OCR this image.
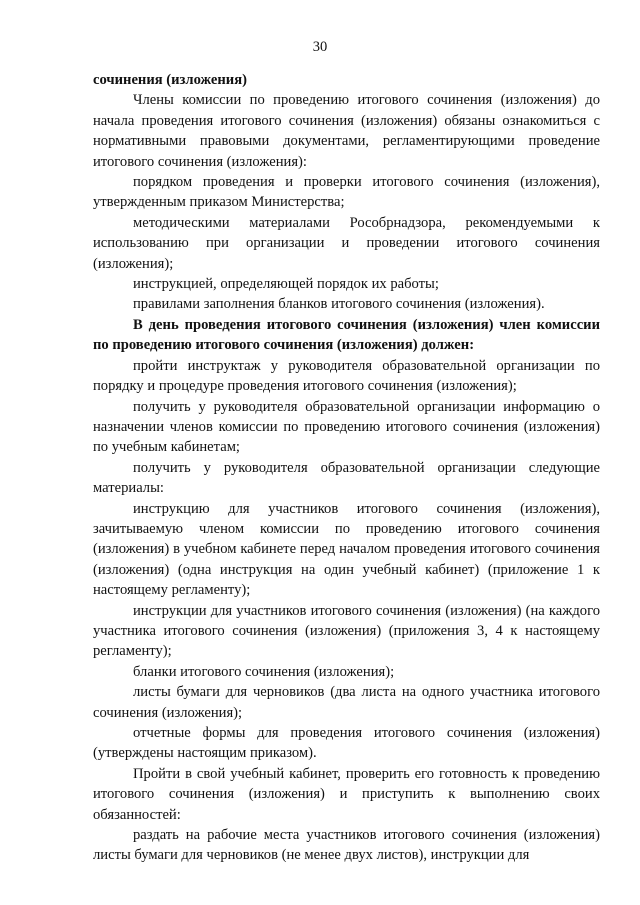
30

сочинения (изложения)

Члены комиссии по проведению итогового сочинения (изложения) до начала проведения итогового сочинения (изложения) обязаны ознакомиться с нормативными правовыми документами, регламентирующими проведение итогового сочинения (изложения):

порядком проведения и проверки итогового сочинения (изложения), утвержденным приказом Министерства;

методическими материалами Рособрнадзора, рекомендуемыми к использованию при организации и проведении итогового сочинения (изложения);

инструкцией, определяющей порядок их работы;

правилами заполнения бланков итогового сочинения (изложения).

В день проведения итогового сочинения (изложения) член комиссии по проведению итогового сочинения (изложения) должен:

пройти инструктаж у руководителя образовательной организации по порядку и процедуре проведения итогового сочинения (изложения);

получить у руководителя образовательной организации информацию о назначении членов комиссии по проведению итогового сочинения (изложения) по учебным кабинетам;

получить у руководителя образовательной организации следующие материалы:

инструкцию для участников итогового сочинения (изложения), зачитываемую членом комиссии по проведению итогового сочинения (изложения) в учебном кабинете перед началом проведения итогового сочинения (изложения) (одна инструкция на один учебный кабинет) (приложение 1 к настоящему регламенту);

инструкции для участников итогового сочинения (изложения) (на каждого участника итогового сочинения (изложения) (приложения 3, 4 к настоящему регламенту);

бланки итогового сочинения (изложения);

листы бумаги для черновиков (два листа на одного участника итогового сочинения (изложения);

отчетные формы для проведения итогового сочинения (изложения) (утверждены настоящим приказом).

Пройти в свой учебный кабинет, проверить его готовность к проведению итогового сочинения (изложения) и приступить к выполнению своих обязанностей:

раздать на рабочие места участников итогового сочинения (изложения) листы бумаги для черновиков (не менее двух листов), инструкции для
